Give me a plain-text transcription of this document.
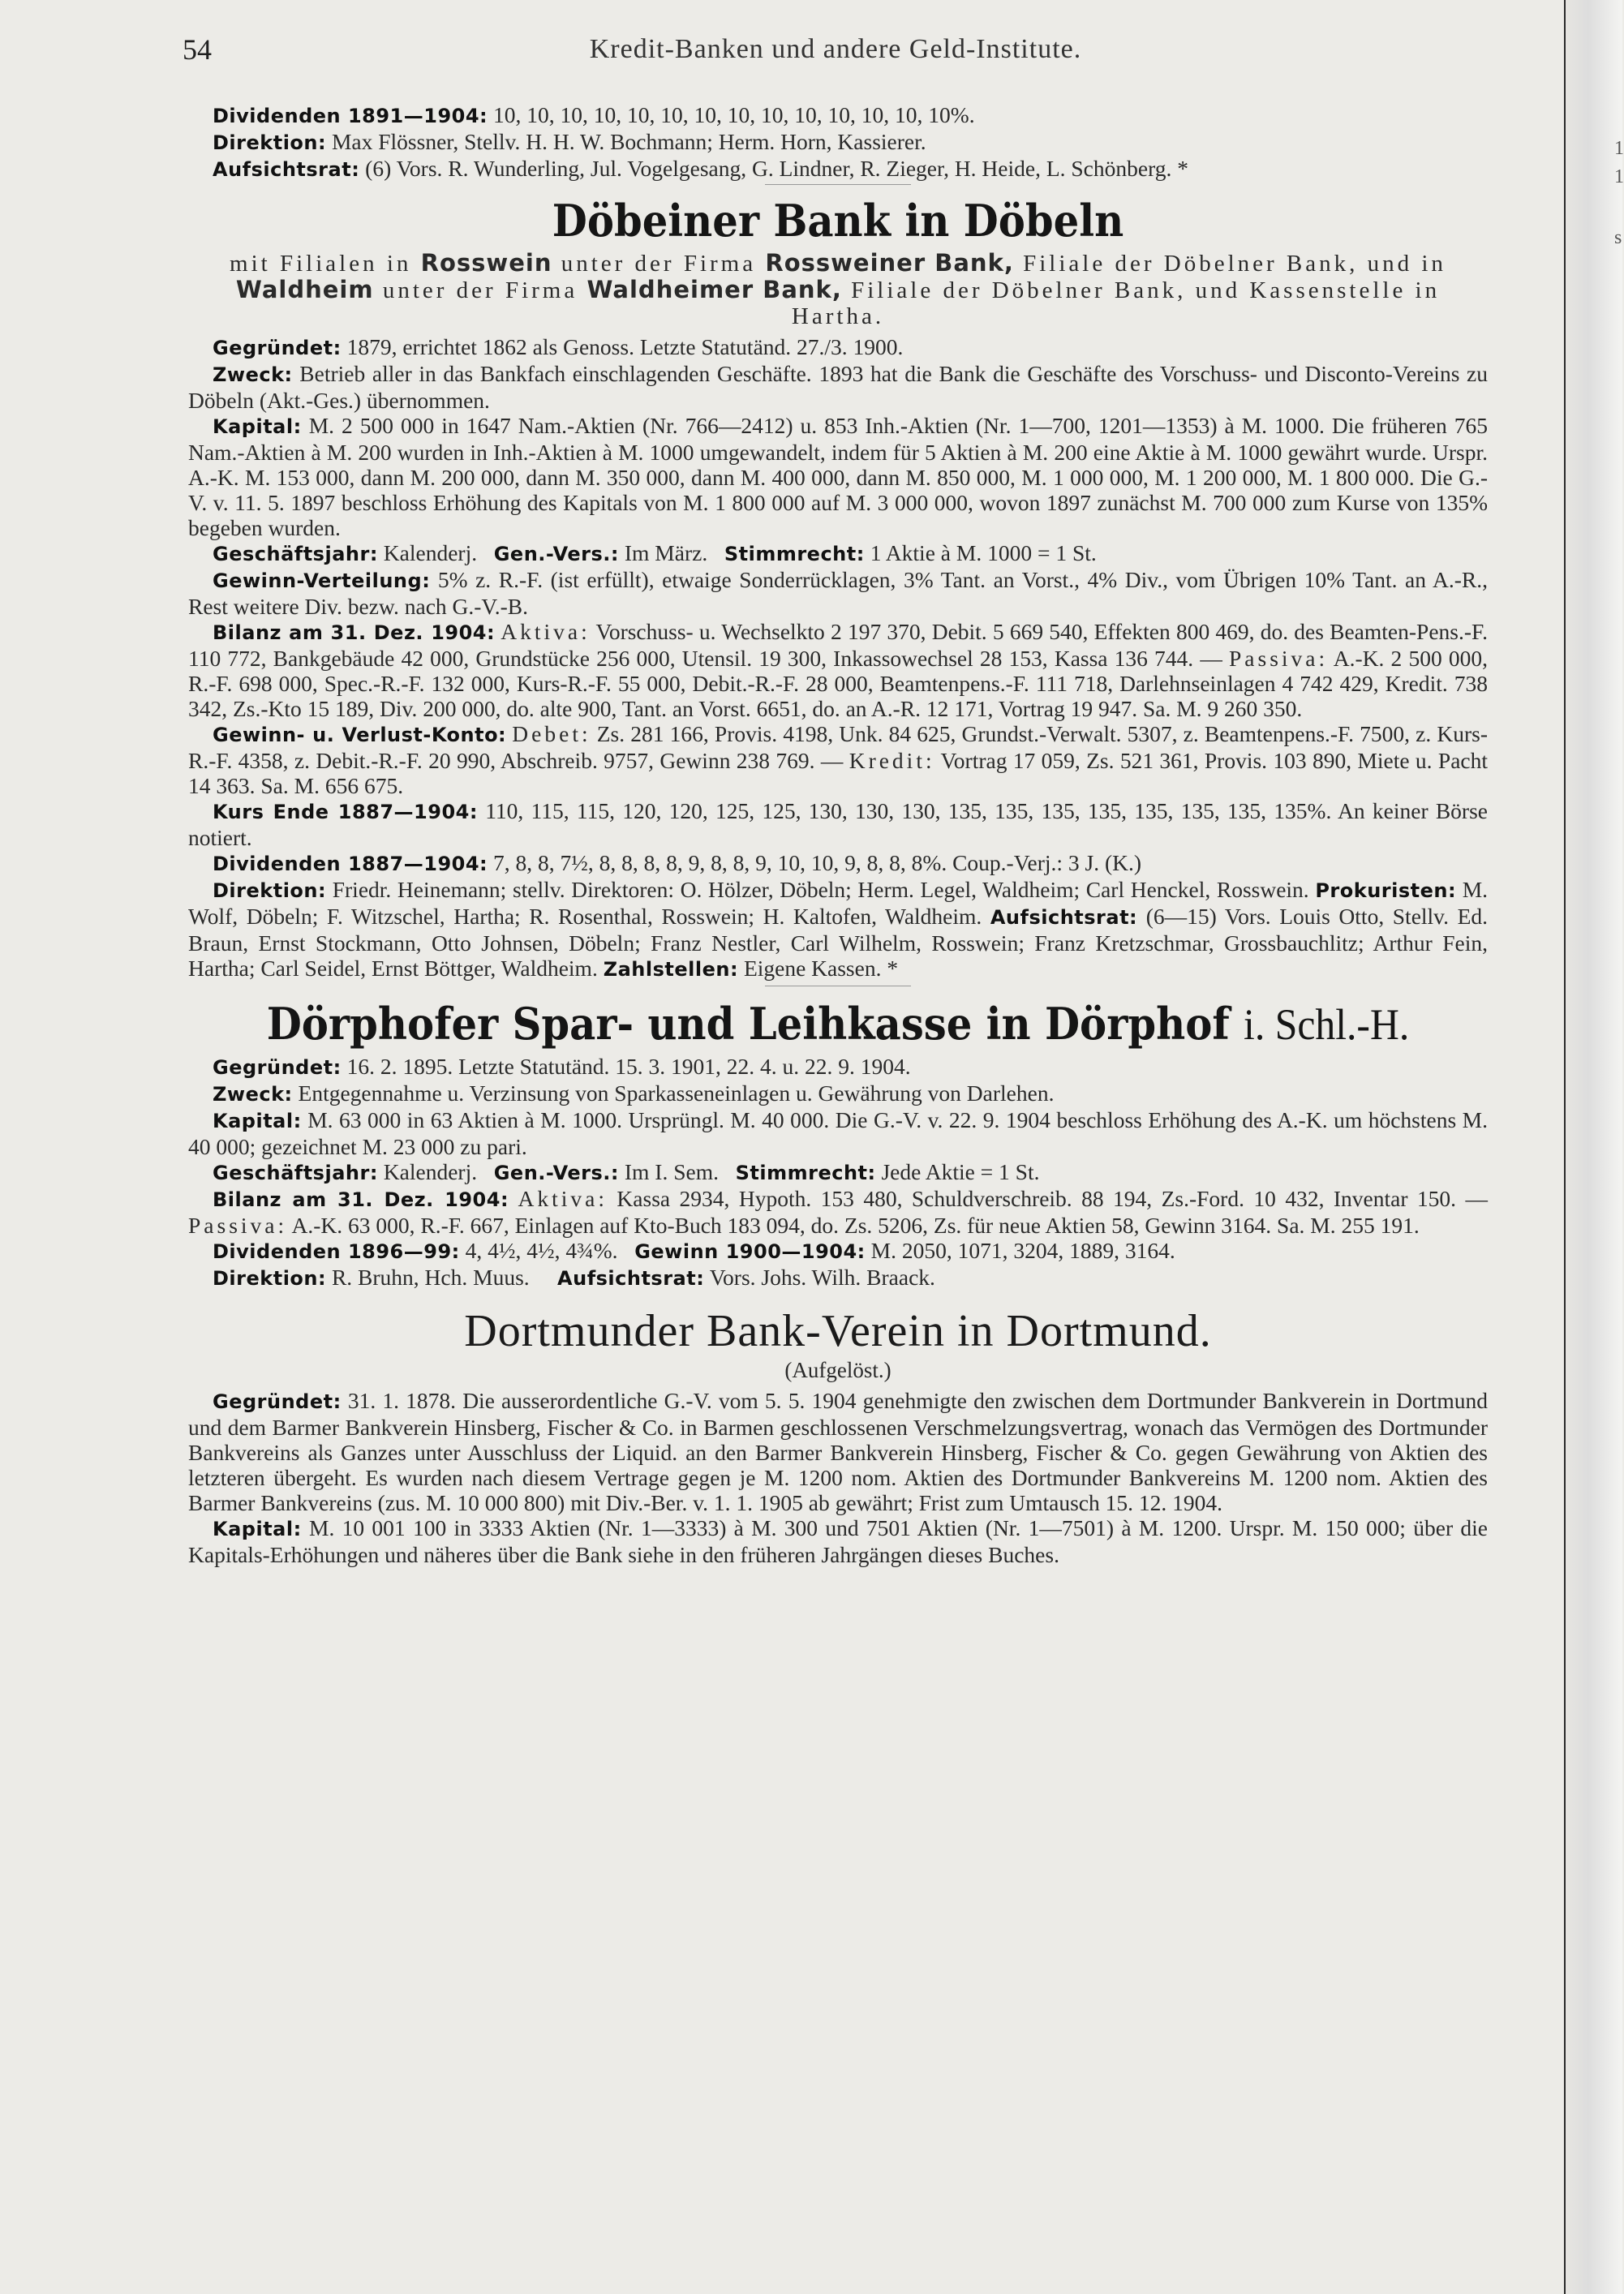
1
1
s
54	Kredit-Banken und andere Geld-Institute.

Dividenden 1891—1904: 10, 10, 10, 10, 10, 10, 10, 10, 10, 10, 10, 10, 10, 10%.

Direktion: Max Flössner, Stellv. H. H. W. Bochmann; Herm. Horn, Kassierer.

Aufsichtsrat: (6) Vors. R. Wunderling, Jul. Vogelgesang, G. Lindner, R. Zieger, H. Heide, L. Schönberg. *

Döbeiner Bank in Döbeln
mit Filialen in Rosswein unter der Firma Rossweiner Bank, Filiale der Döbelner Bank, und in Waldheim unter der Firma Waldheimer Bank, Filiale der Döbelner Bank, und Kassenstelle in Hartha.

Gegründet: 1879, errichtet 1862 als Genoss. Letzte Statutänd. 27./3. 1900.

Zweck: Betrieb aller in das Bankfach einschlagenden Geschäfte. 1893 hat die Bank die Geschäfte des Vorschuss- und Disconto-Vereins zu Döbeln (Akt.-Ges.) übernommen.

Kapital: M. 2 500 000 in 1647 Nam.-Aktien (Nr. 766—2412) u. 853 Inh.-Aktien (Nr. 1—700, 1201—1353) à M. 1000. Die früheren 765 Nam.-Aktien à M. 200 wurden in Inh.-Aktien à M. 1000 umgewandelt, indem für 5 Aktien à M. 200 eine Aktie à M. 1000 gewährt wurde. Urspr. A.-K. M. 153 000, dann M. 200 000, dann M. 350 000, dann M. 400 000, dann M. 850 000, M. 1 000 000, M. 1 200 000, M. 1 800 000. Die G.-V. v. 11. 5. 1897 beschloss Erhöhung des Kapitals von M. 1 800 000 auf M. 3 000 000, wovon 1897 zunächst M. 700 000 zum Kurse von 135% begeben wurden.

Geschäftsjahr: Kalenderj. Gen.-Vers.: Im März. Stimmrecht: 1 Aktie à M. 1000 = 1 St.

Gewinn-Verteilung: 5% z. R.-F. (ist erfüllt), etwaige Sonderrücklagen, 3% Tant. an Vorst., 4% Div., vom Übrigen 10% Tant. an A.-R., Rest weitere Div. bezw. nach G.-V.-B.

Bilanz am 31. Dez. 1904: Aktiva: Vorschuss- u. Wechselkto 2 197 370, Debit. 5 669 540, Effekten 800 469, do. des Beamten-Pens.-F. 110 772, Bankgebäude 42 000, Grundstücke 256 000, Utensil. 19 300, Inkassowechsel 28 153, Kassa 136 744. — Passiva: A.-K. 2 500 000, R.-F. 698 000, Spec.-R.-F. 132 000, Kurs-R.-F. 55 000, Debit.-R.-F. 28 000, Beamtenpens.-F. 111 718, Darlehnseinlagen 4 742 429, Kredit. 738 342, Zs.-Kto 15 189, Div. 200 000, do. alte 900, Tant. an Vorst. 6651, do. an A.-R. 12 171, Vortrag 19 947. Sa. M. 9 260 350.

Gewinn- u. Verlust-Konto: Debet: Zs. 281 166, Provis. 4198, Unk. 84 625, Grundst.-Verwalt. 5307, z. Beamtenpens.-F. 7500, z. Kurs-R.-F. 4358, z. Debit.-R.-F. 20 990, Abschreib. 9757, Gewinn 238 769. — Kredit: Vortrag 17 059, Zs. 521 361, Provis. 103 890, Miete u. Pacht 14 363. Sa. M. 656 675.

Kurs Ende 1887—1904: 110, 115, 115, 120, 120, 125, 125, 130, 130, 130, 135, 135, 135, 135, 135, 135, 135, 135%. An keiner Börse notiert.

Dividenden 1887—1904: 7, 8, 8, 7½, 8, 8, 8, 8, 9, 8, 8, 9, 10, 10, 9, 8, 8, 8%. Coup.-Verj.: 3 J. (K.)

Direktion: Friedr. Heinemann; stellv. Direktoren: O. Hölzer, Döbeln; Herm. Legel, Waldheim; Carl Henckel, Rosswein. Prokuristen: M. Wolf, Döbeln; F. Witzschel, Hartha; R. Rosenthal, Rosswein; H. Kaltofen, Waldheim. Aufsichtsrat: (6—15) Vors. Louis Otto, Stellv. Ed. Braun, Ernst Stockmann, Otto Johnsen, Döbeln; Franz Nestler, Carl Wilhelm, Rosswein; Franz Kretzschmar, Grossbauchlitz; Arthur Fein, Hartha; Carl Seidel, Ernst Böttger, Waldheim. Zahlstellen: Eigene Kassen. *

Dörphofer Spar- und Leihkasse in Dörphof i. Schl.-H.

Gegründet: 16. 2. 1895. Letzte Statutänd. 15. 3. 1901, 22. 4. u. 22. 9. 1904.

Zweck: Entgegennahme u. Verzinsung von Sparkasseneinlagen u. Gewährung von Darlehen.

Kapital: M. 63 000 in 63 Aktien à M. 1000. Ursprüngl. M. 40 000. Die G.-V. v. 22. 9. 1904 beschloss Erhöhung des A.-K. um höchstens M. 40 000; gezeichnet M. 23 000 zu pari.

Geschäftsjahr: Kalenderj. Gen.-Vers.: Im I. Sem. Stimmrecht: Jede Aktie = 1 St.

Bilanz am 31. Dez. 1904: Aktiva: Kassa 2934, Hypoth. 153 480, Schuldverschreib. 88 194, Zs.-Ford. 10 432, Inventar 150. — Passiva: A.-K. 63 000, R.-F. 667, Einlagen auf Kto-Buch 183 094, do. Zs. 5206, Zs. für neue Aktien 58, Gewinn 3164. Sa. M. 255 191.

Dividenden 1896—99: 4, 4½, 4½, 4¾%. Gewinn 1900—1904: M. 2050, 1071, 3204, 1889, 3164.

Direktion: R. Bruhn, Hch. Muus. Aufsichtsrat: Vors. Johs. Wilh. Braack.

Dortmunder Bank-Verein in Dortmund.
(Aufgelöst.)

Gegründet: 31. 1. 1878. Die ausserordentliche G.-V. vom 5. 5. 1904 genehmigte den zwischen dem Dortmunder Bankverein in Dortmund und dem Barmer Bankverein Hinsberg, Fischer & Co. in Barmen geschlossenen Verschmelzungsvertrag, wonach das Vermögen des Dortmunder Bankvereins als Ganzes unter Ausschluss der Liquid. an den Barmer Bankverein Hinsberg, Fischer & Co. gegen Gewährung von Aktien des letzteren übergeht. Es wurden nach diesem Vertrage gegen je M. 1200 nom. Aktien des Dortmunder Bankvereins M. 1200 nom. Aktien des Barmer Bankvereins (zus. M. 10 000 800) mit Div.-Ber. v. 1. 1. 1905 ab gewährt; Frist zum Umtausch 15. 12. 1904.

Kapital: M. 10 001 100 in 3333 Aktien (Nr. 1—3333) à M. 300 und 7501 Aktien (Nr. 1—7501) à M. 1200. Urspr. M. 150 000; über die Kapitals-Erhöhungen und näheres über die Bank siehe in den früheren Jahrgängen dieses Buches.
